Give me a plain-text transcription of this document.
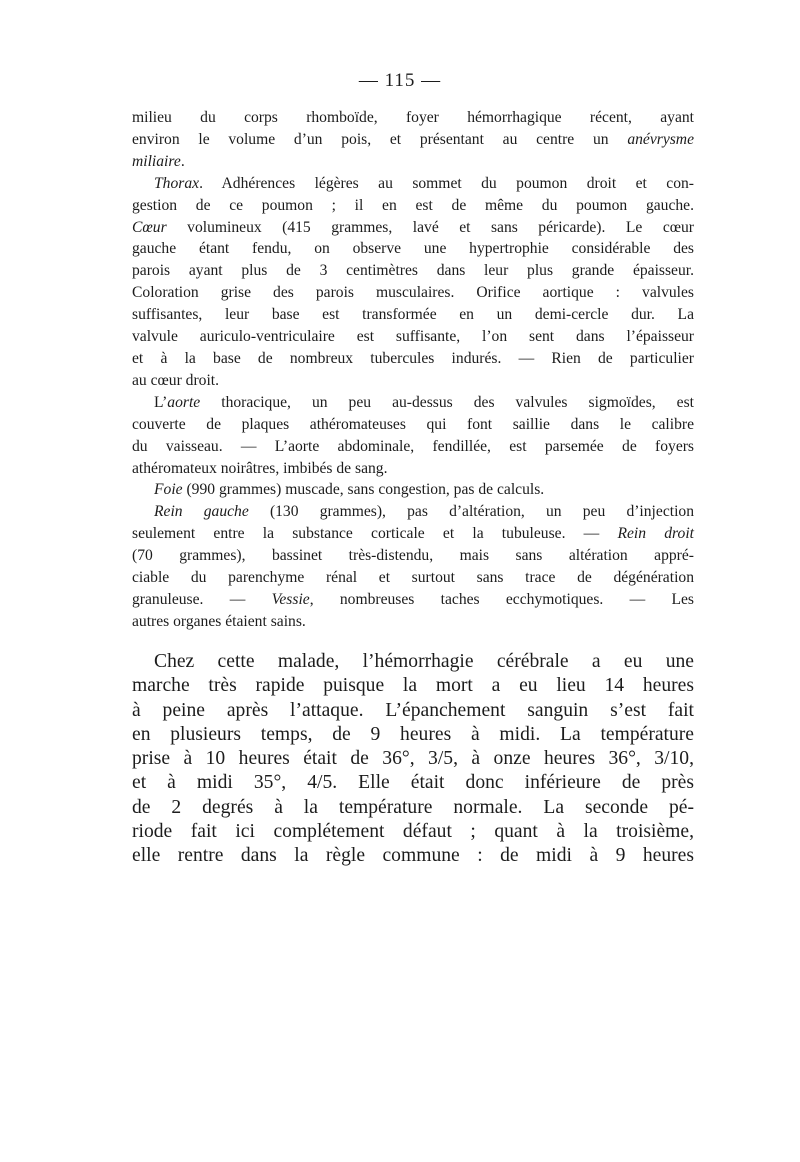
— 115 —

milieu du corps rhomboïde, foyer hémorrhagique récent, ayant
environ le volume d’un pois, et présentant au centre un anévrysme
miliaire.

Thorax. Adhérences légères au sommet du poumon droit et con-
gestion de ce poumon ; il en est de même du poumon gauche.
Cœur volumineux (415 grammes, lavé et sans péricarde). Le cœur
gauche étant fendu, on observe une hypertrophie considérable des
parois ayant plus de 3 centimètres dans leur plus grande épaisseur.
Coloration grise des parois musculaires. Orifice aortique : valvules
suffisantes, leur base est transformée en un demi-cercle dur. La
valvule auriculo-ventriculaire est suffisante, l’on sent dans l’épaisseur
et à la base de nombreux tubercules indurés. — Rien de particulier
au cœur droit.

L’aorte thoracique, un peu au-dessus des valvules sigmoïdes, est
couverte de plaques athéromateuses qui font saillie dans le calibre
du vaisseau. — L’aorte abdominale, fendillée, est parsemée de foyers
athéromateux noirâtres, imbibés de sang.

Foie (990 grammes) muscade, sans congestion, pas de calculs.

Rein gauche (130 grammes), pas d’altération, un peu d’injection
seulement entre la substance corticale et la tubuleuse. — Rein droit
(70 grammes), bassinet très-distendu, mais sans altération appré-
ciable du parenchyme rénal et surtout sans trace de dégénération
granuleuse. — Vessie, nombreuses taches ecchymotiques. — Les
autres organes étaient sains.

Chez cette malade, l’hémorrhagie cérébrale a eu une
marche très rapide puisque la mort a eu lieu 14 heures
à peine après l’attaque. L’épanchement sanguin s’est fait
en plusieurs temps, de 9 heures à midi. La température
prise à 10 heures était de 36°, 3/5, à onze heures 36°, 3/10,
et à midi 35°, 4/5. Elle était donc inférieure de près
de 2 degrés à la température normale. La seconde pé-
riode fait ici complétement défaut ; quant à la troisième,
elle rentre dans la règle commune : de midi à 9 heures
